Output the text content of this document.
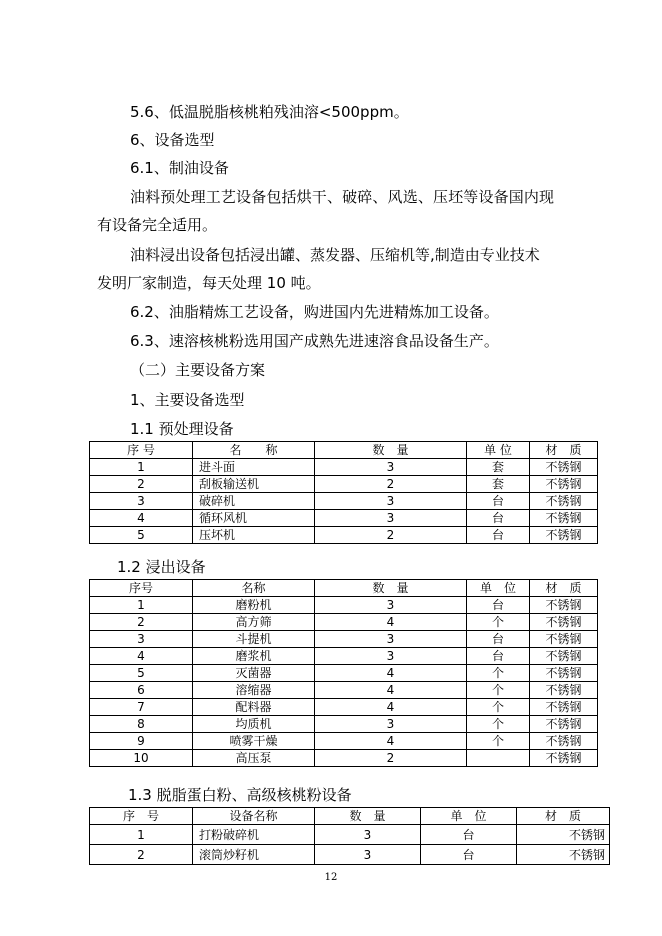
5.6、低温脱脂核桃粕残油溶<500ppm。
6、设备选型
6.1、制油设备
油料预处理工艺设备包括烘干、破碎、风选、压坯等设备国内现
有设备完全适用。
油料浸出设备包括浸出罐、蒸发器、压缩机等,制造由专业技术
发明厂家制造，每天处理 10 吨。
6.2、油脂精炼工艺设备，购进国内先进精炼加工设备。
6.3、速溶核桃粉选用国产成熟先进速溶食品设备生产。
（二）主要设备方案
1、主要设备选型
1.1 预处理设备
序 号	名　　称	数　量	单 位	材　质
1	进斗面	3	套	不锈钢
2	刮板输送机	2	套	不锈钢
3	破碎机	3	台	不锈钢
4	循环风机	3	台	不锈钢
5	压坏机	2	台	不锈钢
1.2 浸出设备
序号	名称	数　量	单　位	材　质
1	磨粉机	3	台	不锈钢
2	高方筛	4	个	不锈钢
3	斗提机	3	台	不锈钢
4	磨浆机	3	台	不锈钢
5	灭菌器	4	个	不锈钢
6	溶缩器	4	个	不锈钢
7	配料器	4	个	不锈钢
8	均质机	3	个	不锈钢
9	喷雾干燥	4	个	不锈钢
10	高压泵	2		不锈钢
1.3 脱脂蛋白粉、高级核桃粉设备
序　号	设备名称	数　量	单　位	材　质
1	打粉破碎机	3	台	不锈钢
2	滚筒炒籽机	3	台	不锈钢
12
